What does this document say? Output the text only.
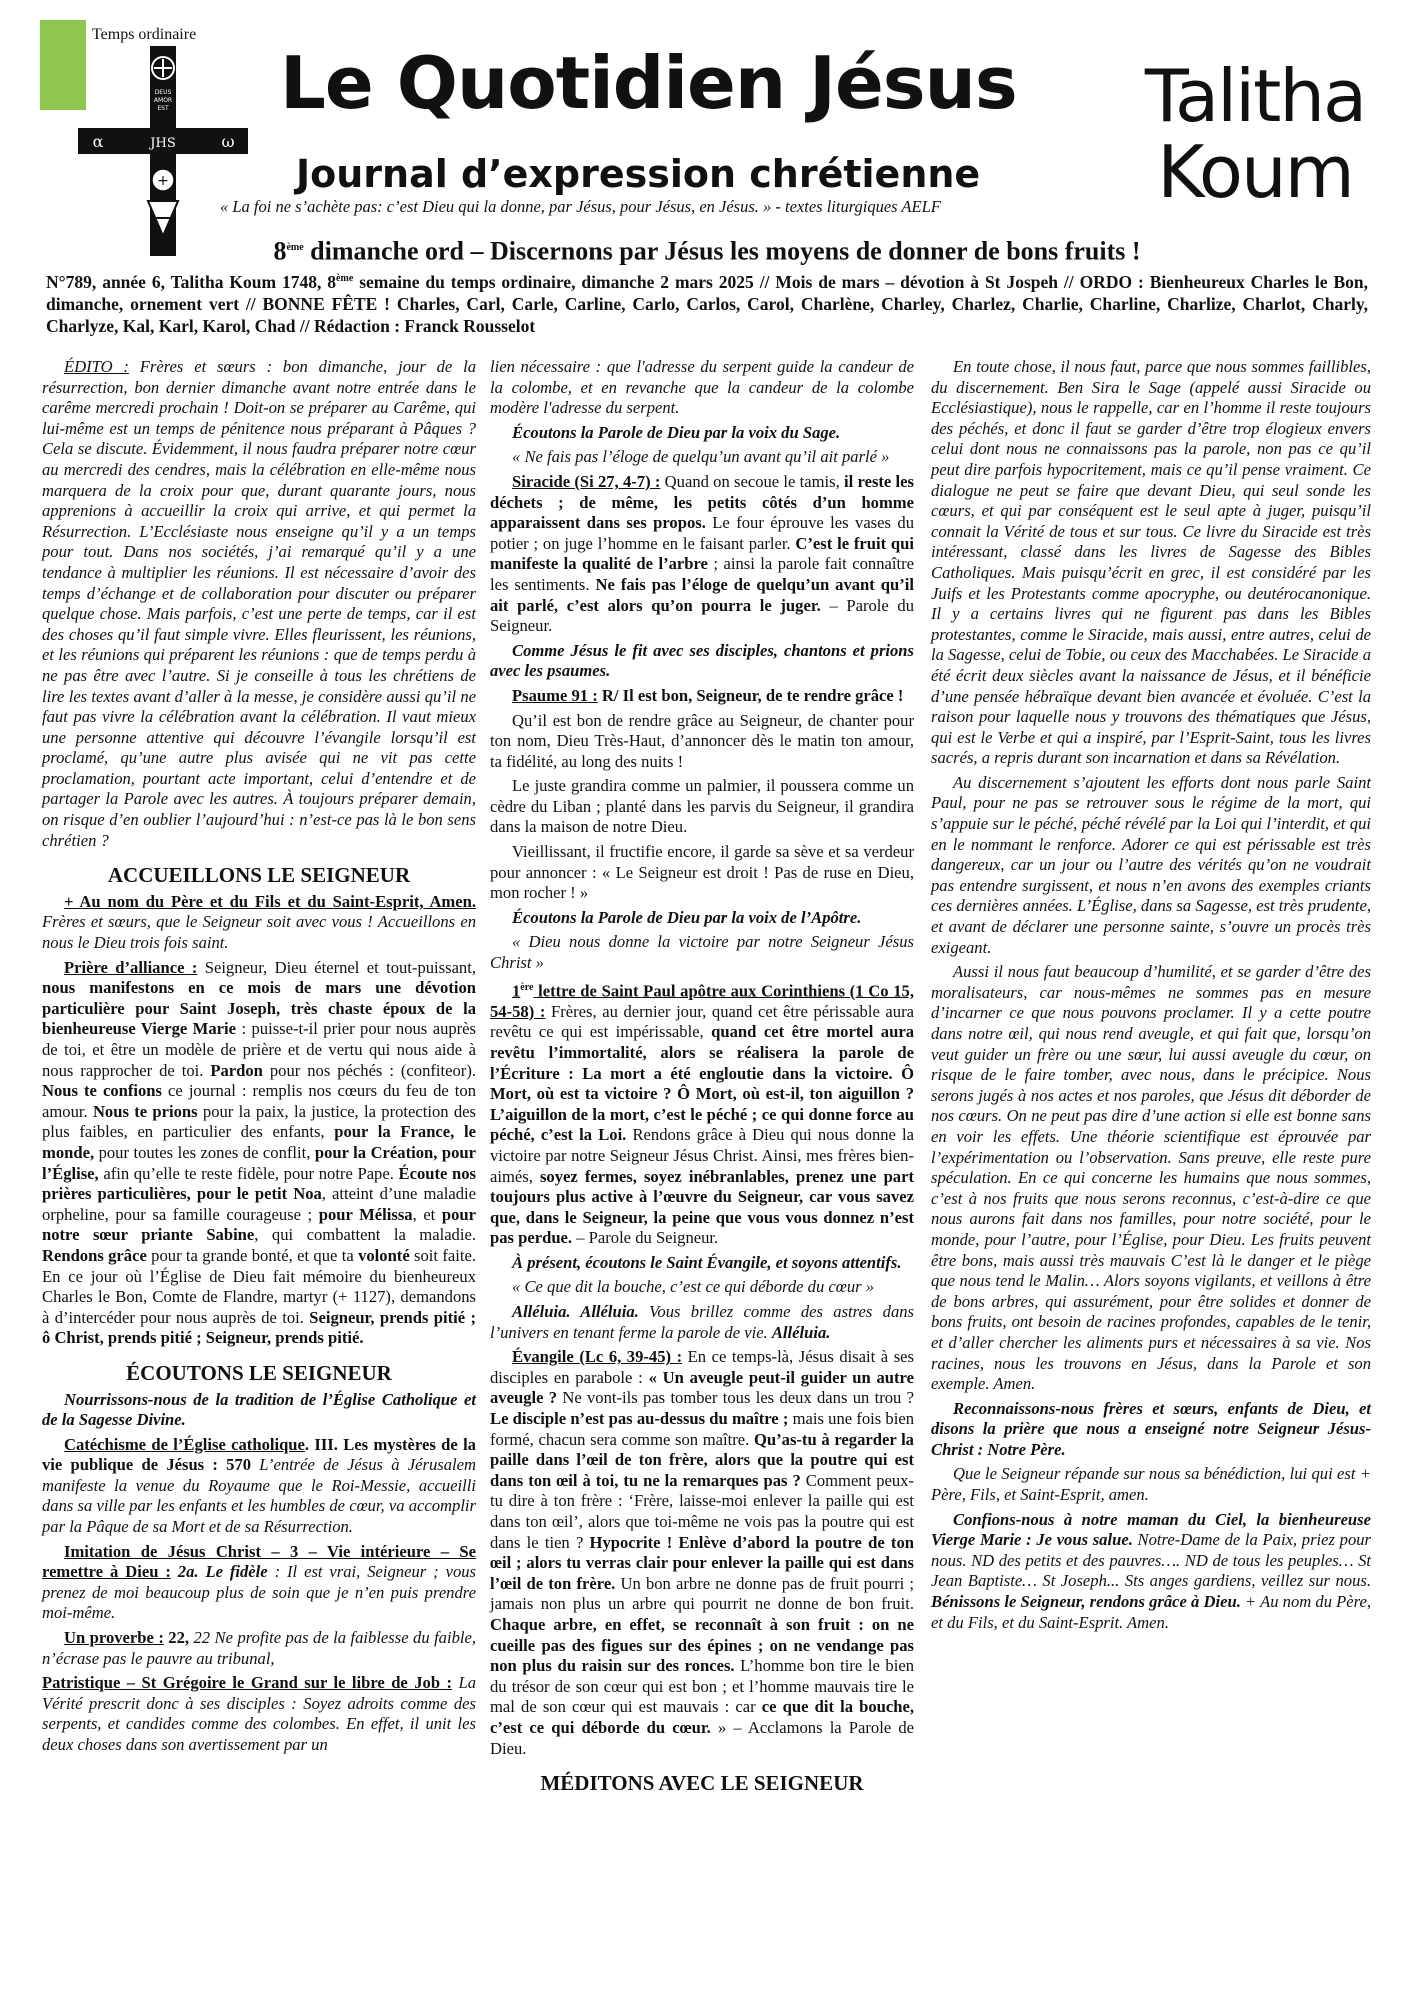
Temps ordinaire
DEUS
AMOR
EST
α	ω
JHS
+
Le Quotidien Jésus
Journal d’expression chrétienne
Talitha
Koum
« La foi ne s’achète pas: c’est Dieu qui la donne, par Jésus, pour Jésus, en Jésus. » - textes liturgiques AELF
8ème dimanche ord – Discernons par Jésus les moyens de donner de bons fruits !
N°789, année 6, Talitha Koum 1748, 8ème semaine du temps ordinaire, dimanche 2 mars 2025 // Mois de mars – dévotion à St Jospeh // ORDO : Bienheureux Charles le Bon, dimanche, ornement vert // BONNE FÊTE ! Charles, Carl, Carle, Carline, Carlo, Carlos, Carol, Charlène, Charley, Charlez, Charlie, Charline, Charlize, Charlot, Charly, Charlyze, Kal, Karl, Karol, Chad // Rédaction : Franck Rousselot

ÉDITO : Frères et sœurs : bon dimanche, jour de la résurrection, bon dernier dimanche avant notre entrée dans le carême mercredi prochain ! Doit-on se préparer au Carême, qui lui-même est un temps de pénitence nous préparant à Pâques ? Cela se discute. Évidemment, il nous faudra préparer notre cœur au mercredi des cendres, mais la célébration en elle-même nous marquera de la croix pour que, durant quarante jours, nous apprenions à accueillir la croix qui arrive, et qui permet la Résurrection. L’Ecclésiaste nous enseigne qu’il y a un temps pour tout. Dans nos sociétés, j’ai remarqué qu’il y a une tendance à multiplier les réunions. Il est nécessaire d’avoir des temps d’échange et de collaboration pour discuter ou préparer quelque chose. Mais parfois, c’est une perte de temps, car il est des choses qu’il faut simple vivre. Elles fleurissent, les réunions, et les réunions qui préparent les réunions : que de temps perdu à ne pas être avec l’autre. Si je conseille à tous les chrétiens de lire les textes avant d’aller à la messe, je considère aussi qu’il ne faut pas vivre la célébration avant la célébration. Il vaut mieux une personne attentive qui découvre l’évangile lorsqu’il est proclamé, qu’une autre plus avisée qui ne vit pas cette proclamation, pourtant acte important, celui d’entendre et de partager la Parole avec les autres. À toujours préparer demain, on risque d’en oublier l’aujourd’hui : n’est-ce pas là le bon sens chrétien ?

ACCUEILLONS LE SEIGNEUR

+ Au nom du Père et du Fils et du Saint-Esprit, Amen. Frères et sœurs, que le Seigneur soit avec vous ! Accueillons en nous le Dieu trois fois saint.

Prière d’alliance : Seigneur, Dieu éternel et tout-puissant, nous manifestons en ce mois de mars une dévotion particulière pour Saint Joseph, très chaste époux de la bienheureuse Vierge Marie : puisse-t-il prier pour nous auprès de toi, et être un modèle de prière et de vertu qui nous aide à nous rapprocher de toi. Pardon pour nos péchés : (confiteor). Nous te confions ce journal : remplis nos cœurs du feu de ton amour. Nous te prions pour la paix, la justice, la protection des plus faibles, en particulier des enfants, pour la France, le monde, pour toutes les zones de conflit, pour la Création, pour l’Église, afin qu’elle te reste fidèle, pour notre Pape. Écoute nos prières particulières, pour le petit Noa, atteint d’une maladie orpheline, pour sa famille courageuse ; pour Mélissa, et pour notre sœur priante Sabine, qui combattent la maladie. Rendons grâce pour ta grande bonté, et que ta volonté soit faite. En ce jour où l’Église de Dieu fait mémoire du bienheureux Charles le Bon, Comte de Flandre, martyr (+ 1127), demandons à d’intercéder pour nous auprès de toi. Seigneur, prends pitié ; ô Christ, prends pitié ; Seigneur, prends pitié.

ÉCOUTONS LE SEIGNEUR

Nourrissons-nous de la tradition de l’Église Catholique et de la Sagesse Divine.

Catéchisme de l’Église catholique. III. Les mystères de la vie publique de Jésus : 570 L’entrée de Jésus à Jérusalem manifeste la venue du Royaume que le Roi-Messie, accueilli dans sa ville par les enfants et les humbles de cœur, va accomplir par la Pâque de sa Mort et de sa Résurrection.

Imitation de Jésus Christ – 3 – Vie intérieure – Se remettre à Dieu : 2a. Le fidèle : Il est vrai, Seigneur ; vous prenez de moi beaucoup plus de soin que je n’en puis prendre moi-même.

Un proverbe : 22, 22 Ne profite pas de la faiblesse du faible, n’écrase pas le pauvre au tribunal,

Patristique – St Grégoire le Grand sur le libre de Job : La Vérité prescrit donc à ses disciples : Soyez adroits comme des serpents, et candides comme des colombes. En effet, il unit les deux choses dans son avertissement par un

lien nécessaire : que l'adresse du serpent guide la candeur de la colombe, et en revanche que la candeur de la colombe modère l'adresse du serpent.

Écoutons la Parole de Dieu par la voix du Sage.

« Ne fais pas l’éloge de quelqu’un avant qu’il ait parlé »

Siracide (Si 27, 4-7) : Quand on secoue le tamis, il reste les déchets ; de même, les petits côtés d’un homme apparaissent dans ses propos. Le four éprouve les vases du potier ; on juge l’homme en le faisant parler. C’est le fruit qui manifeste la qualité de l’arbre ; ainsi la parole fait connaître les sentiments. Ne fais pas l’éloge de quelqu’un avant qu’il ait parlé, c’est alors qu’on pourra le juger. – Parole du Seigneur.

Comme Jésus le fit avec ses disciples, chantons et prions avec les psaumes.

Psaume 91 : R/ Il est bon, Seigneur, de te rendre grâce !

Qu’il est bon de rendre grâce au Seigneur, de chanter pour ton nom, Dieu Très-Haut, d’annoncer dès le matin ton amour, ta fidélité, au long des nuits !

Le juste grandira comme un palmier, il poussera comme un cèdre du Liban ; planté dans les parvis du Seigneur, il grandira dans la maison de notre Dieu.

Vieillissant, il fructifie encore, il garde sa sève et sa verdeur pour annoncer : « Le Seigneur est droit ! Pas de ruse en Dieu, mon rocher ! »

Écoutons la Parole de Dieu par la voix de l’Apôtre.

« Dieu nous donne la victoire par notre Seigneur Jésus Christ »

1ère lettre de Saint Paul apôtre aux Corinthiens (1 Co 15, 54-58) : Frères, au dernier jour, quand cet être périssable aura revêtu ce qui est impérissable, quand cet être mortel aura revêtu l’immortalité, alors se réalisera la parole de l’Écriture : La mort a été engloutie dans la victoire. Ô Mort, où est ta victoire ? Ô Mort, où est-il, ton aiguillon ? L’aiguillon de la mort, c’est le péché ; ce qui donne force au péché, c’est la Loi. Rendons grâce à Dieu qui nous donne la victoire par notre Seigneur Jésus Christ. Ainsi, mes frères bien-aimés, soyez fermes, soyez inébranlables, prenez une part toujours plus active à l’œuvre du Seigneur, car vous savez que, dans le Seigneur, la peine que vous vous donnez n’est pas perdue. – Parole du Seigneur.

À présent, écoutons le Saint Évangile, et soyons attentifs.

« Ce que dit la bouche, c’est ce qui déborde du cœur »

Alléluia. Alléluia. Vous brillez comme des astres dans l’univers en tenant ferme la parole de vie. Alléluia.

Évangile (Lc 6, 39-45) : En ce temps-là, Jésus disait à ses disciples en parabole : « Un aveugle peut-il guider un autre aveugle ? Ne vont-ils pas tomber tous les deux dans un trou ? Le disciple n’est pas au-dessus du maître ; mais une fois bien formé, chacun sera comme son maître. Qu’as-tu à regarder la paille dans l’œil de ton frère, alors que la poutre qui est dans ton œil à toi, tu ne la remarques pas ? Comment peux-tu dire à ton frère : ‘Frère, laisse-moi enlever la paille qui est dans ton œil’, alors que toi-même ne vois pas la poutre qui est dans le tien ? Hypocrite ! Enlève d’abord la poutre de ton œil ; alors tu verras clair pour enlever la paille qui est dans l’œil de ton frère. Un bon arbre ne donne pas de fruit pourri ; jamais non plus un arbre qui pourrit ne donne de bon fruit. Chaque arbre, en effet, se reconnaît à son fruit : on ne cueille pas des figues sur des épines ; on ne vendange pas non plus du raisin sur des ronces. L’homme bon tire le bien du trésor de son cœur qui est bon ; et l’homme mauvais tire le mal de son cœur qui est mauvais : car ce que dit la bouche, c’est ce qui déborde du cœur. » – Acclamons la Parole de Dieu.

MÉDITONS AVEC LE SEIGNEUR

En toute chose, il nous faut, parce que nous sommes faillibles, du discernement. Ben Sira le Sage (appelé aussi Siracide ou Ecclésiastique), nous le rappelle, car en l’homme il reste toujours des péchés, et donc il faut se garder d’être trop élogieux envers celui dont nous ne connaissons pas la parole, non pas ce qu’il peut dire parfois hypocritement, mais ce qu’il pense vraiment. Ce dialogue ne peut se faire que devant Dieu, qui seul sonde les cœurs, et qui par conséquent est le seul apte à juger, puisqu’il connait la Vérité de tous et sur tous. Ce livre du Siracide est très intéressant, classé dans les livres de Sagesse des Bibles Catholiques. Mais puisqu’écrit en grec, il est considéré par les Juifs et les Protestants comme apocryphe, ou deutérocanonique. Il y a certains livres qui ne figurent pas dans les Bibles protestantes, comme le Siracide, mais aussi, entre autres, celui de la Sagesse, celui de Tobie, ou ceux des Macchabées. Le Siracide a été écrit deux siècles avant la naissance de Jésus, et il bénéficie d’une pensée hébraïque devant bien avancée et évoluée. C’est la raison pour laquelle nous y trouvons des thématiques que Jésus, qui est le Verbe et qui a inspiré, par l’Esprit-Saint, tous les livres sacrés, a repris durant son incarnation et dans sa Révélation.

Au discernement s’ajoutent les efforts dont nous parle Saint Paul, pour ne pas se retrouver sous le régime de la mort, qui s’appuie sur le péché, péché révélé par la Loi qui l’interdit, et qui en le nommant le renforce. Adorer ce qui est périssable est très dangereux, car un jour ou l’autre des vérités qu’on ne voudrait pas entendre surgissent, et nous n’en avons des exemples criants ces dernières années. L’Église, dans sa Sagesse, est très prudente, et avant de déclarer une personne sainte, s’ouvre un procès très exigeant.

Aussi il nous faut beaucoup d’humilité, et se garder d’être des moralisateurs, car nous-mêmes ne sommes pas en mesure d’incarner ce que nous pouvons proclamer. Il y a cette poutre dans notre œil, qui nous rend aveugle, et qui fait que, lorsqu’on veut guider un frère ou une sœur, lui aussi aveugle du cœur, on risque de le faire tomber, avec nous, dans le précipice. Nous serons jugés à nos actes et nos paroles, que Jésus dit déborder de nos cœurs. On ne peut pas dire d’une action si elle est bonne sans en voir les effets. Une théorie scientifique est éprouvée par l’expérimentation ou l’observation. Sans preuve, elle reste pure spéculation. En ce qui concerne les humains que nous sommes, c’est à nos fruits que nous serons reconnus, c’est-à-dire ce que nous aurons fait dans nos familles, pour notre société, pour le monde, pour l’autre, pour l’Église, pour Dieu. Les fruits peuvent être bons, mais aussi très mauvais C’est là le danger et le piège que nous tend le Malin… Alors soyons vigilants, et veillons à être de bons arbres, qui assurément, pour être solides et donner de bons fruits, ont besoin de racines profondes, capables de le tenir, et d’aller chercher les aliments purs et nécessaires à sa vie. Nos racines, nous les trouvons en Jésus, dans la Parole et son exemple. Amen.

Reconnaissons-nous frères et sœurs, enfants de Dieu, et disons la prière que nous a enseigné notre Seigneur Jésus-Christ : Notre Père.

Que le Seigneur répande sur nous sa bénédiction, lui qui est + Père, Fils, et Saint-Esprit, amen.

Confions-nous à notre maman du Ciel, la bienheureuse Vierge Marie : Je vous salue. Notre-Dame de la Paix, priez pour nous. ND des petits et des pauvres…. ND de tous les peuples… St Jean Baptiste… St Joseph... Sts anges gardiens, veillez sur nous. Bénissons le Seigneur, rendons grâce à Dieu. + Au nom du Père, et du Fils, et du Saint-Esprit. Amen.
